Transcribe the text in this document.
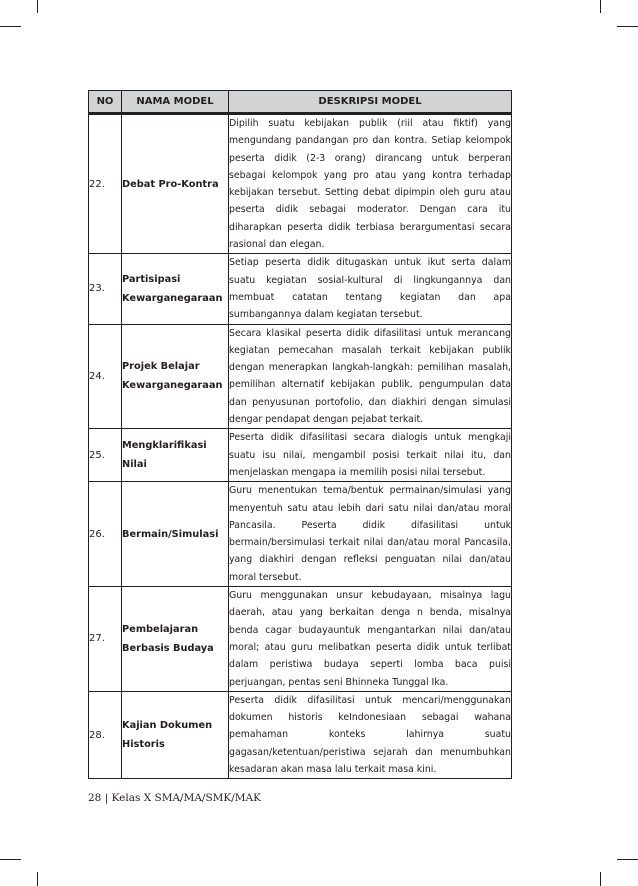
NO	NAMA MODEL	DESKRIPSI MODEL
22.	Debat Pro-Kontra	Dipilih suatu kebijakan publik (riil atau fiktif) yang mengundang pandangan pro dan kontra. Setiap kelompok peserta didik (2-3 orang) dirancang untuk berperan sebagai kelompok yang pro atau yang kontra terhadap kebijakan tersebut. Setting debat dipimpin oleh guru atau peserta didik sebagai moderator. Dengan cara itu diharapkan peserta didik terbiasa berargumentasi secara rasional dan elegan.
23.	Partisipasi Kewarganegaraan	Setiap peserta didik ditugaskan untuk ikut serta dalam suatu kegiatan sosial-kultural di lingkungannya dan membuat catatan tentang kegiatan dan apa sumbangannya dalam kegiatan tersebut.
24.	Projek Belajar Kewarganegaraan	Secara klasikal peserta didik difasilitasi untuk merancang kegiatan pemecahan masalah terkait kebijakan publik dengan menerapkan langkah-langkah: pemilihan masalah, pemilihan alternatif kebijakan publik, pengumpulan data dan penyusunan portofolio, dan diakhiri dengan simulasi dengar pendapat dengan pejabat terkait.
25.	Mengklarifikasi Nilai	Peserta didik difasilitasi secara dialogis untuk mengkaji suatu isu nilai, mengambil posisi terkait nilai itu, dan menjelaskan mengapa ia memilih posisi nilai tersebut.
26.	Bermain/Simulasi	Guru menentukan tema/bentuk permainan/simulasi yang menyentuh satu atau lebih dari satu nilai dan/atau moral Pancasila. Peserta didik difasilitasi untuk bermain/bersimulasi terkait nilai dan/atau moral Pancasila, yang diakhiri dengan refleksi penguatan nilai dan/atau moral tersebut.
27.	Pembelajaran Berbasis Budaya	Guru menggunakan unsur kebudayaan, misalnya lagu daerah, atau yang berkaitan denga n benda, misalnya benda cagar budayauntuk mengantarkan nilai dan/atau moral; atau guru melibatkan peserta didik untuk terlibat dalam peristiwa budaya seperti lomba baca puisi perjuangan, pentas seni Bhinneka Tunggal Ika.
28.	Kajian Dokumen Historis	Peserta didik difasilitasi untuk mencari/menggunakan dokumen historis keIndonesiaan sebagai wahana pemahaman konteks lahirnya suatu gagasan/ketentuan/peristiwa sejarah dan menumbuhkan kesadaran akan masa lalu terkait masa kini.
28 | Kelas X SMA/MA/SMK/MAK
